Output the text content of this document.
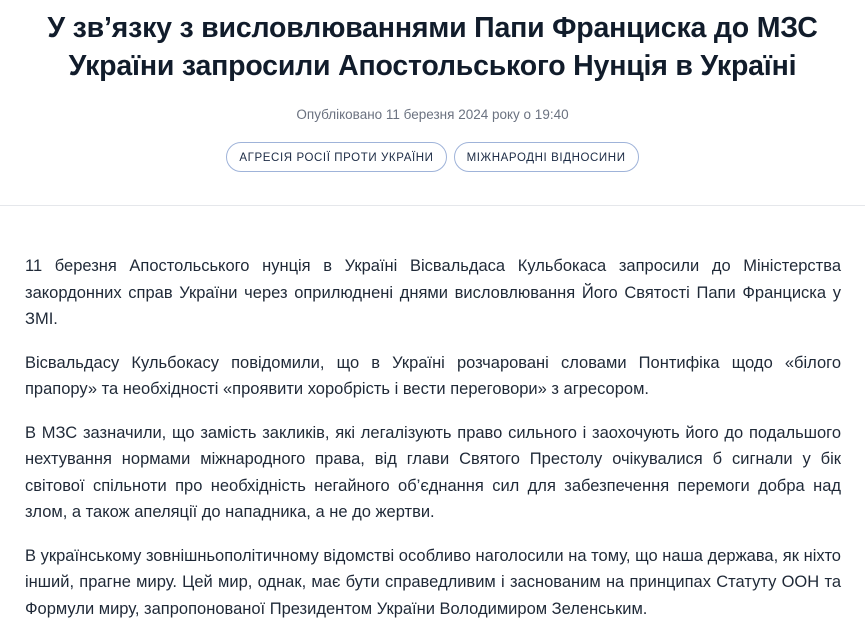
У зв’язку з висловлюваннями Папи Франциска до МЗС
України запросили Апостольського Нунція в Україні
Опубліковано 11 березня 2024 року о 19:40
АГРЕСІЯ РОСІЇ ПРОТИ УКРАЇНИ	МІЖНАРОДНІ ВІДНОСИНИ

11 березня Апостольського нунція в Україні Вісвальдаса Кульбокаса запросили до Міністерства закордонних справ України через оприлюднені днями висловлювання Його Святості Папи Франциска у ЗМІ.

Вісвальдасу Кульбокасу повідомили, що в Україні розчаровані словами Понтифіка щодо «білого прапору» та необхідності «проявити хоробрість і вести переговори» з агресором.

В МЗС зазначили, що замість закликів, які легалізують право сильного і заохочують його до подальшого нехтування нормами міжнародного права, від глави Святого Престолу очікувалися б сигнали у бік світової спільноти про необхідність негайного об’єднання сил для забезпечення перемоги добра над злом, а також апеляції до нападника, а не до жертви.

В українському зовнішньополітичному відомстві особливо наголосили на тому, що наша держава, як ніхто інший, прагне миру. Цей мир, однак, має бути справедливим і заснованим на принципах Статуту ООН та Формули миру, запропонованої Президентом України Володимиром Зеленським.
